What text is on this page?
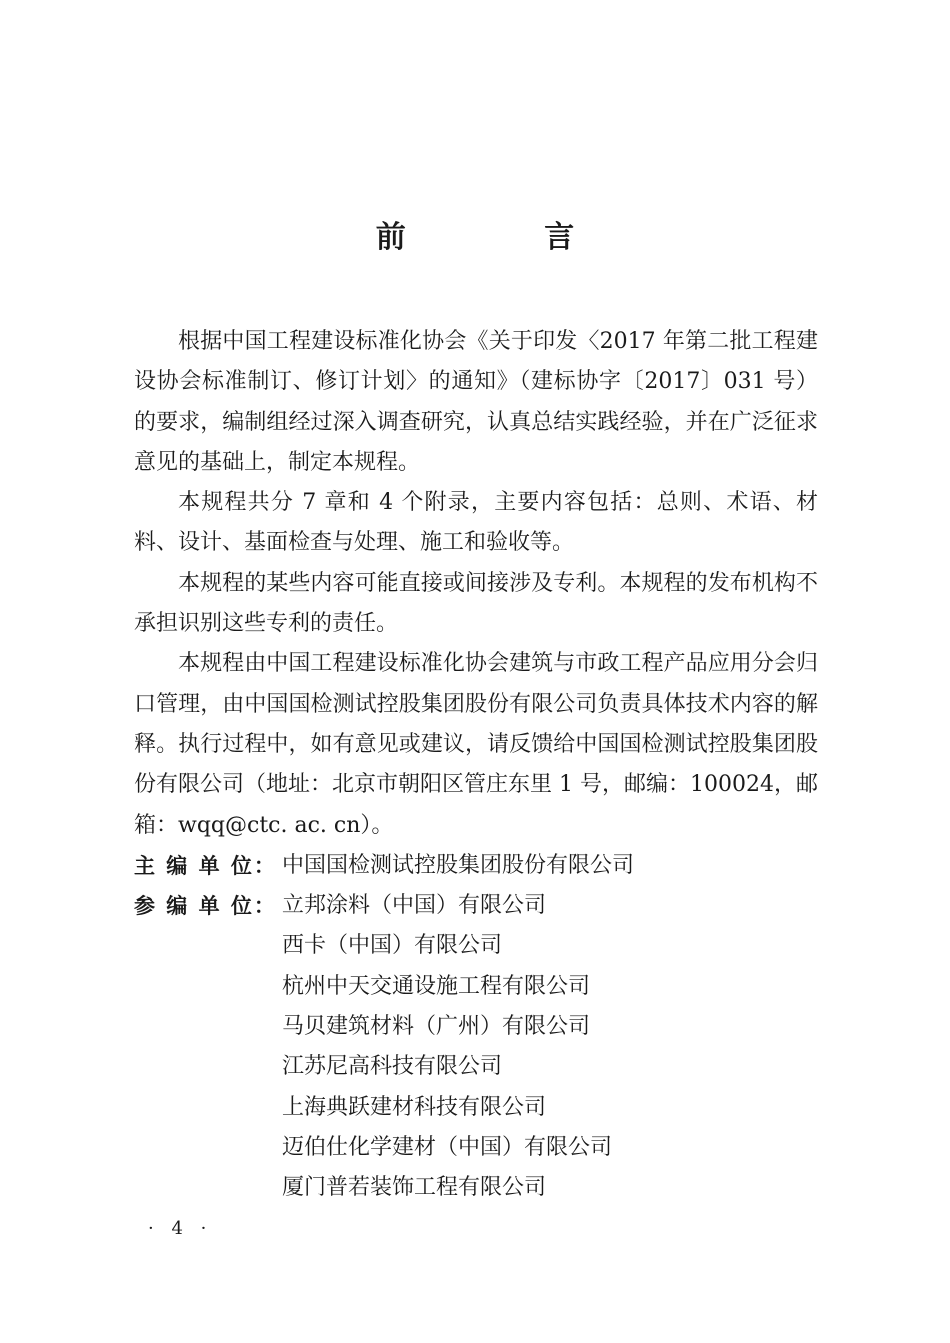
前 言

根据中国工程建设标准化协会《关于印发〈2017 年第二批工程建设协会标准制订、修订计划〉的通知》（建标协字〔2017〕031 号）的要求，编制组经过深入调查研究，认真总结实践经验，并在广泛征求意见的基础上，制定本规程。

本规程共分 7 章和 4 个附录，主要内容包括：总则、术语、材料、设计、基面检查与处理、施工和验收等。

本规程的某些内容可能直接或间接涉及专利。本规程的发布机构不承担识别这些专利的责任。

本规程由中国工程建设标准化协会建筑与市政工程产品应用分会归口管理，由中国国检测试控股集团股份有限公司负责具体技术内容的解释。执行过程中，如有意见或建议，请反馈给中国国检测试控股集团股份有限公司（地址：北京市朝阳区管庄东里 1 号，邮编：100024，邮箱：wqq@ctc. ac. cn）。

主 编 单 位： 中国国检测试控股集团股份有限公司
参 编 单 位： 立邦涂料（中国）有限公司
西卡（中国）有限公司
杭州中天交通设施工程有限公司
马贝建筑材料（广州）有限公司
江苏尼高科技有限公司
上海典跃建材科技有限公司
迈伯仕化学建材（中国）有限公司
厦门普若装饰工程有限公司
· 4 ·
